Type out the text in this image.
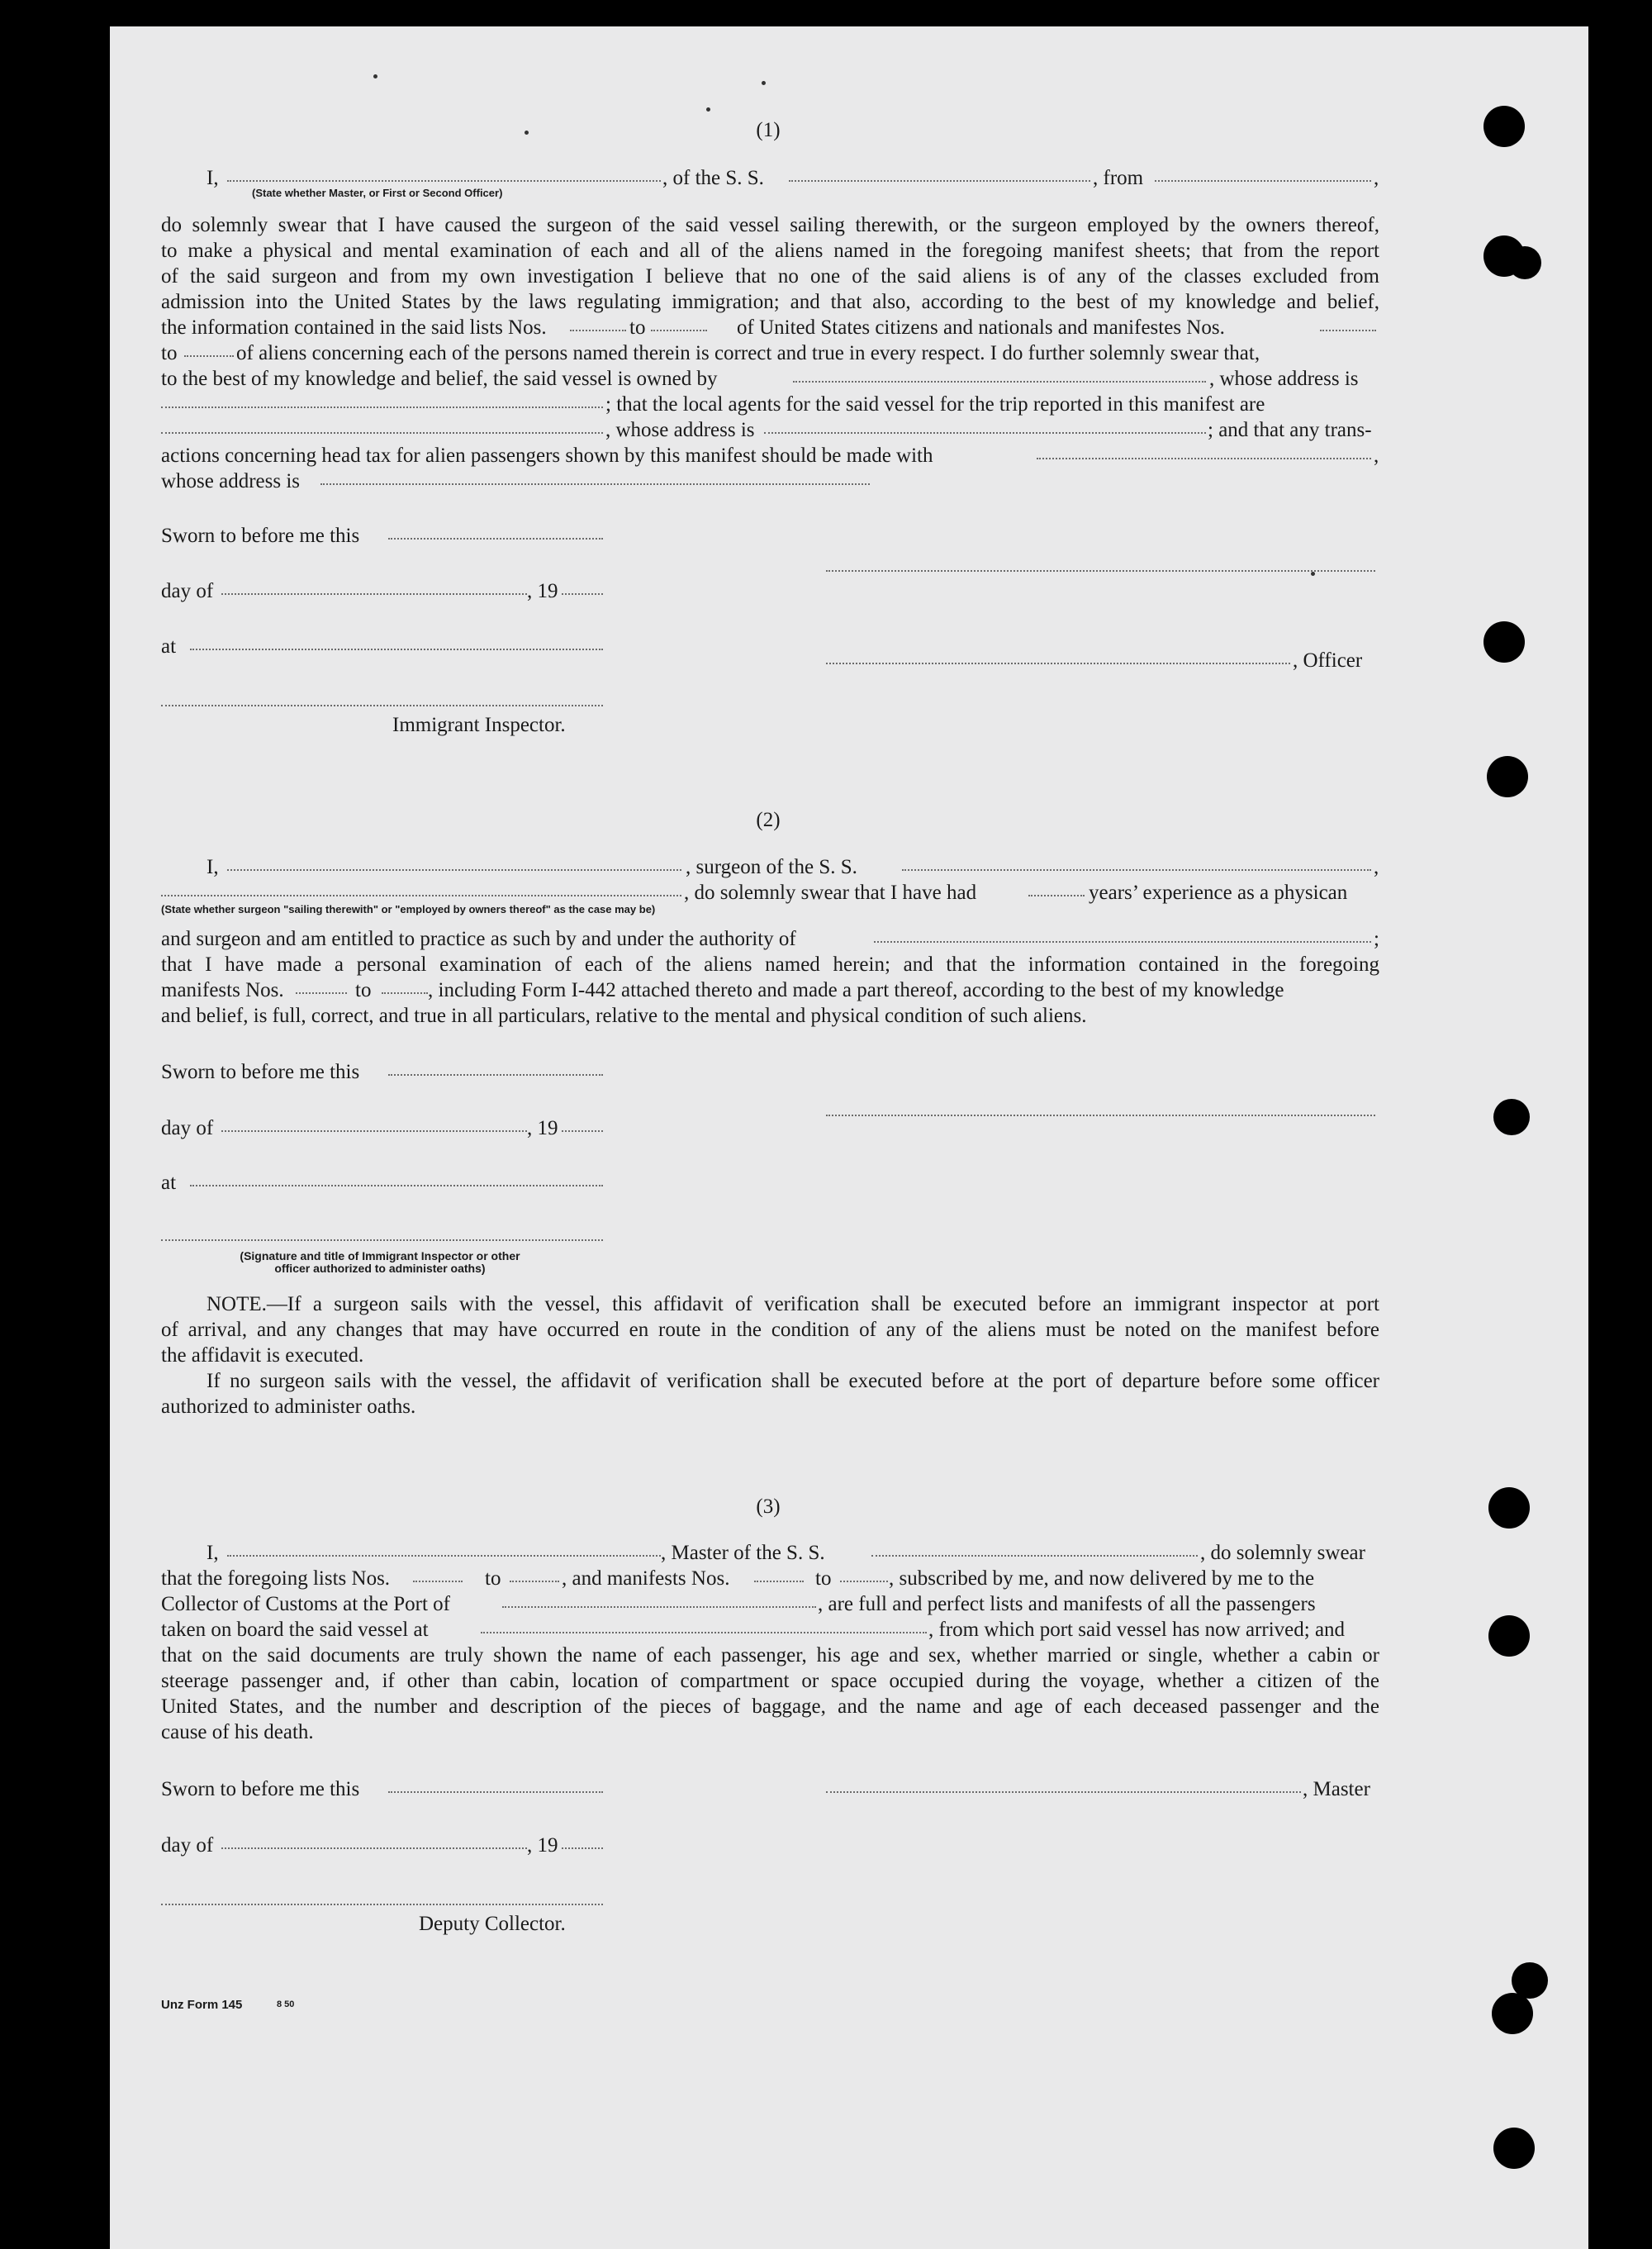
(1)
I,	, of the S. S.	, from	,
(State whether Master, or First or Second Officer)
do solemnly swear that I have caused the surgeon of the said vessel sailing therewith, or the surgeon employed by the owners thereof,
to make a physical and mental examination of each and all of the aliens named in the foregoing manifest sheets; that from the report
of the said surgeon and from my own investigation I believe that no one of the said aliens is of any of the classes excluded from
admission into the United States by the laws regulating immigration; and that also, according to the best of my knowledge and belief,
the information contained in the said lists Nos.	to	of United States citizens and nationals and manifestes Nos.
to	of aliens concerning each of the persons named therein is correct and true in every respect. I do further solemnly swear that,
to the best of my knowledge and belief, the said vessel is owned by	, whose address is
; that the local agents for the said vessel for the trip reported in this manifest are
, whose address is	; and that any trans-
actions concerning head tax for alien passengers shown by this manifest should be made with	,
whose address is
Sworn to before me this
day of	, 19
at
, Officer
Immigrant Inspector.
(2)
I,	, surgeon of the S. S.	,
, do solemnly swear that I have had	years’ experience as a physican
(State whether surgeon "sailing therewith" or "employed by owners thereof" as the case may be)
and surgeon and am entitled to practice as such by and under the authority of	;
that I have made a personal examination of each of the aliens named herein; and that the information contained in the foregoing
manifests Nos.	to	, including Form I-442 attached thereto and made a part thereof, according to the best of my knowledge
and belief, is full, correct, and true in all particulars, relative to the mental and physical condition of such aliens.
Sworn to before me this
day of	, 19
at
(Signature and title of Immigrant Inspector or other
officer authorized to administer oaths)
NOTE.—If a surgeon sails with the vessel, this affidavit of verification shall be executed before an immigrant inspector at port
of arrival, and any changes that may have occurred en route in the condition of any of the aliens must be noted on the manifest before
the affidavit is executed.
If no surgeon sails with the vessel, the affidavit of verification shall be executed before at the port of departure before some officer
authorized to administer oaths.
(3)
I,	, Master of the S. S.	, do solemnly swear
that the foregoing lists Nos.	to	, and manifests Nos.	to	, subscribed by me, and now delivered by me to the
Collector of Customs at the Port of	, are full and perfect lists and manifests of all the passengers
taken on board the said vessel at	, from which port said vessel has now arrived; and
that on the said documents are truly shown the name of each passenger, his age and sex, whether married or single, whether a cabin or
steerage passenger and, if other than cabin, location of compartment or space occupied during the voyage, whether a citizen of the
United States, and the number and description of the pieces of baggage, and the name and age of each deceased passenger and the
cause of his death.
Sworn to before me this	, Master
day of	, 19
Deputy Collector.
Unz Form 145	8 50
